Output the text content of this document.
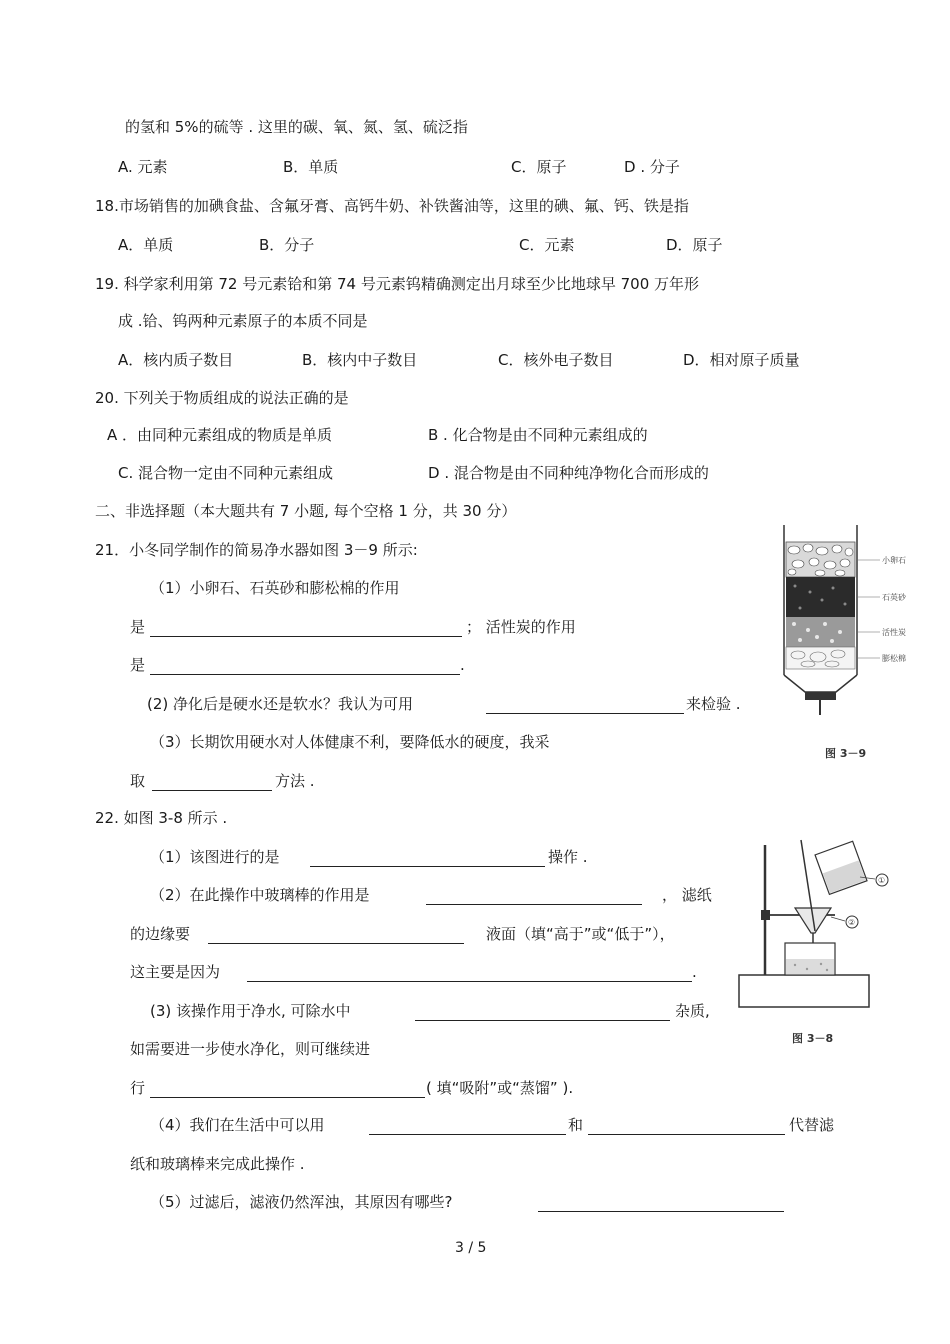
的氢和 5%的硫等 . 这里的碳、氧、氮、氢、硫泛指
A. 元素	B．单质	C．原子	D . 分子
18.市场销售的加碘食盐、含氟牙膏、高钙牛奶、补铁酱油等，这里的碘、氟、钙、铁是指
A．单质	B．分子	C．元素	D．原子
19. 科学家利用第 72 号元素铪和第 74 号元素钨精确测定出月球至少比地球早 700 万年形
成 .铪、钨两种元素原子的本质不同是
A．核内质子数目	B．核内中子数目	C．核外电子数目	D．相对原子质量
20. 下列关于物质组成的说法正确的是
A ．由同种元素组成的物质是单质	B . 化合物是由不同种元素组成的
C. 混合物一定由不同种元素组成	D . 混合物是由不同种纯净物化合而形成的
二、非选择题（本大题共有 7 小题, 每个空格 1 分，共 30 分）
21．小冬同学制作的简易净水器如图 3－9 所示:
（1）小卵石、石英砂和膨松棉的作用
是	； 活性炭的作用
是	.
(2) 净化后是硬水还是软水？我认为可用	来检验 .
（3）长期饮用硬水对人体健康不利，要降低水的硬度，我采
取	方法 .
小卵石
石英砂
活性炭
膨松棉
图 3－9
22. 如图 3-8 所示 .
（1）该图进行的是	操作 .
（2）在此操作中玻璃棒的作用是	， 滤纸
的边缘要	液面（填“高于”或“低于”），
这主要是因为	.
(3) 该操作用于净水, 可除水中	杂质,
如需要进一步使水净化，则可继续进
行	( 填“吸附”或“蒸馏” ).
（4）我们在生活中可以用	和	代替滤
纸和玻璃棒来完成此操作 .
（5）过滤后，滤液仍然浑浊，其原因有哪些?
①
②
图 3－8
3 / 5
